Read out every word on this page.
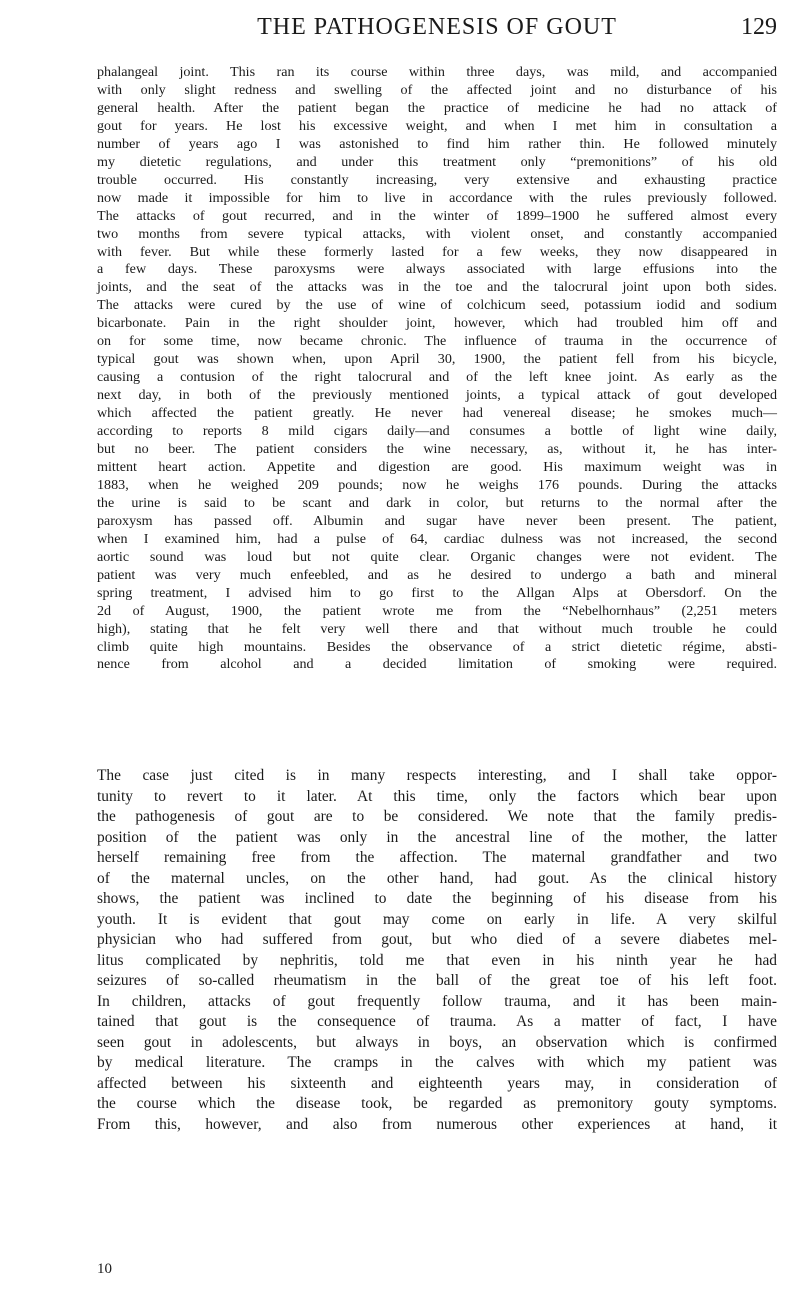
THE PATHOGENESIS OF GOUT	129
phalangeal joint. This ran its course within three days, was mild, and accompanied
with only slight redness and swelling of the affected joint and no disturbance of his
general health. After the patient began the practice of medicine he had no attack of
gout for years. He lost his excessive weight, and when I met him in consultation a
number of years ago I was astonished to find him rather thin. He followed minutely
my dietetic regulations, and under this treatment only “premonitions” of his old
trouble occurred. His constantly increasing, very extensive and exhausting practice
now made it impossible for him to live in accordance with the rules previously followed.
The attacks of gout recurred, and in the winter of 1899–1900 he suffered almost every
two months from severe typical attacks, with violent onset, and constantly accompanied
with fever. But while these formerly lasted for a few weeks, they now disappeared in
a few days. These paroxysms were always associated with large effusions into the
joints, and the seat of the attacks was in the toe and the talocrural joint upon both sides.
The attacks were cured by the use of wine of colchicum seed, potassium iodid and sodium
bicarbonate. Pain in the right shoulder joint, however, which had troubled him off and
on for some time, now became chronic. The influence of trauma in the occurrence of
typical gout was shown when, upon April 30, 1900, the patient fell from his bicycle,
causing a contusion of the right talocrural and of the left knee joint. As early as the
next day, in both of the previously mentioned joints, a typical attack of gout developed
which affected the patient greatly. He never had venereal disease; he smokes much—
according to reports 8 mild cigars daily—and consumes a bottle of light wine daily,
but no beer. The patient considers the wine necessary, as, without it, he has inter-
mittent heart action. Appetite and digestion are good. His maximum weight was in
1883, when he weighed 209 pounds; now he weighs 176 pounds. During the attacks
the urine is said to be scant and dark in color, but returns to the normal after the
paroxysm has passed off. Albumin and sugar have never been present. The patient,
when I examined him, had a pulse of 64, cardiac dulness was not increased, the second
aortic sound was loud but not quite clear. Organic changes were not evident. The
patient was very much enfeebled, and as he desired to undergo a bath and mineral
spring treatment, I advised him to go first to the Allgan Alps at Obersdorf. On the
2d of August, 1900, the patient wrote me from the “Nebelhornhaus” (2,251 meters
high), stating that he felt very well there and that without much trouble he could
climb quite high mountains. Besides the observance of a strict dietetic régime, absti-
nence from alcohol and a decided limitation of smoking were required.
The case just cited is in many respects interesting, and I shall take oppor-
tunity to revert to it later. At this time, only the factors which bear upon
the pathogenesis of gout are to be considered. We note that the family predis-
position of the patient was only in the ancestral line of the mother, the latter
herself remaining free from the affection. The maternal grandfather and two
of the maternal uncles, on the other hand, had gout. As the clinical history
shows, the patient was inclined to date the beginning of his disease from his
youth. It is evident that gout may come on early in life. A very skilful
physician who had suffered from gout, but who died of a severe diabetes mel-
litus complicated by nephritis, told me that even in his ninth year he had
seizures of so-called rheumatism in the ball of the great toe of his left foot.
In children, attacks of gout frequently follow trauma, and it has been main-
tained that gout is the consequence of trauma. As a matter of fact, I have
seen gout in adolescents, but always in boys, an observation which is confirmed
by medical literature. The cramps in the calves with which my patient was
affected between his sixteenth and eighteenth years may, in consideration of
the course which the disease took, be regarded as premonitory gouty symptoms.
From this, however, and also from numerous other experiences at hand, it
10
